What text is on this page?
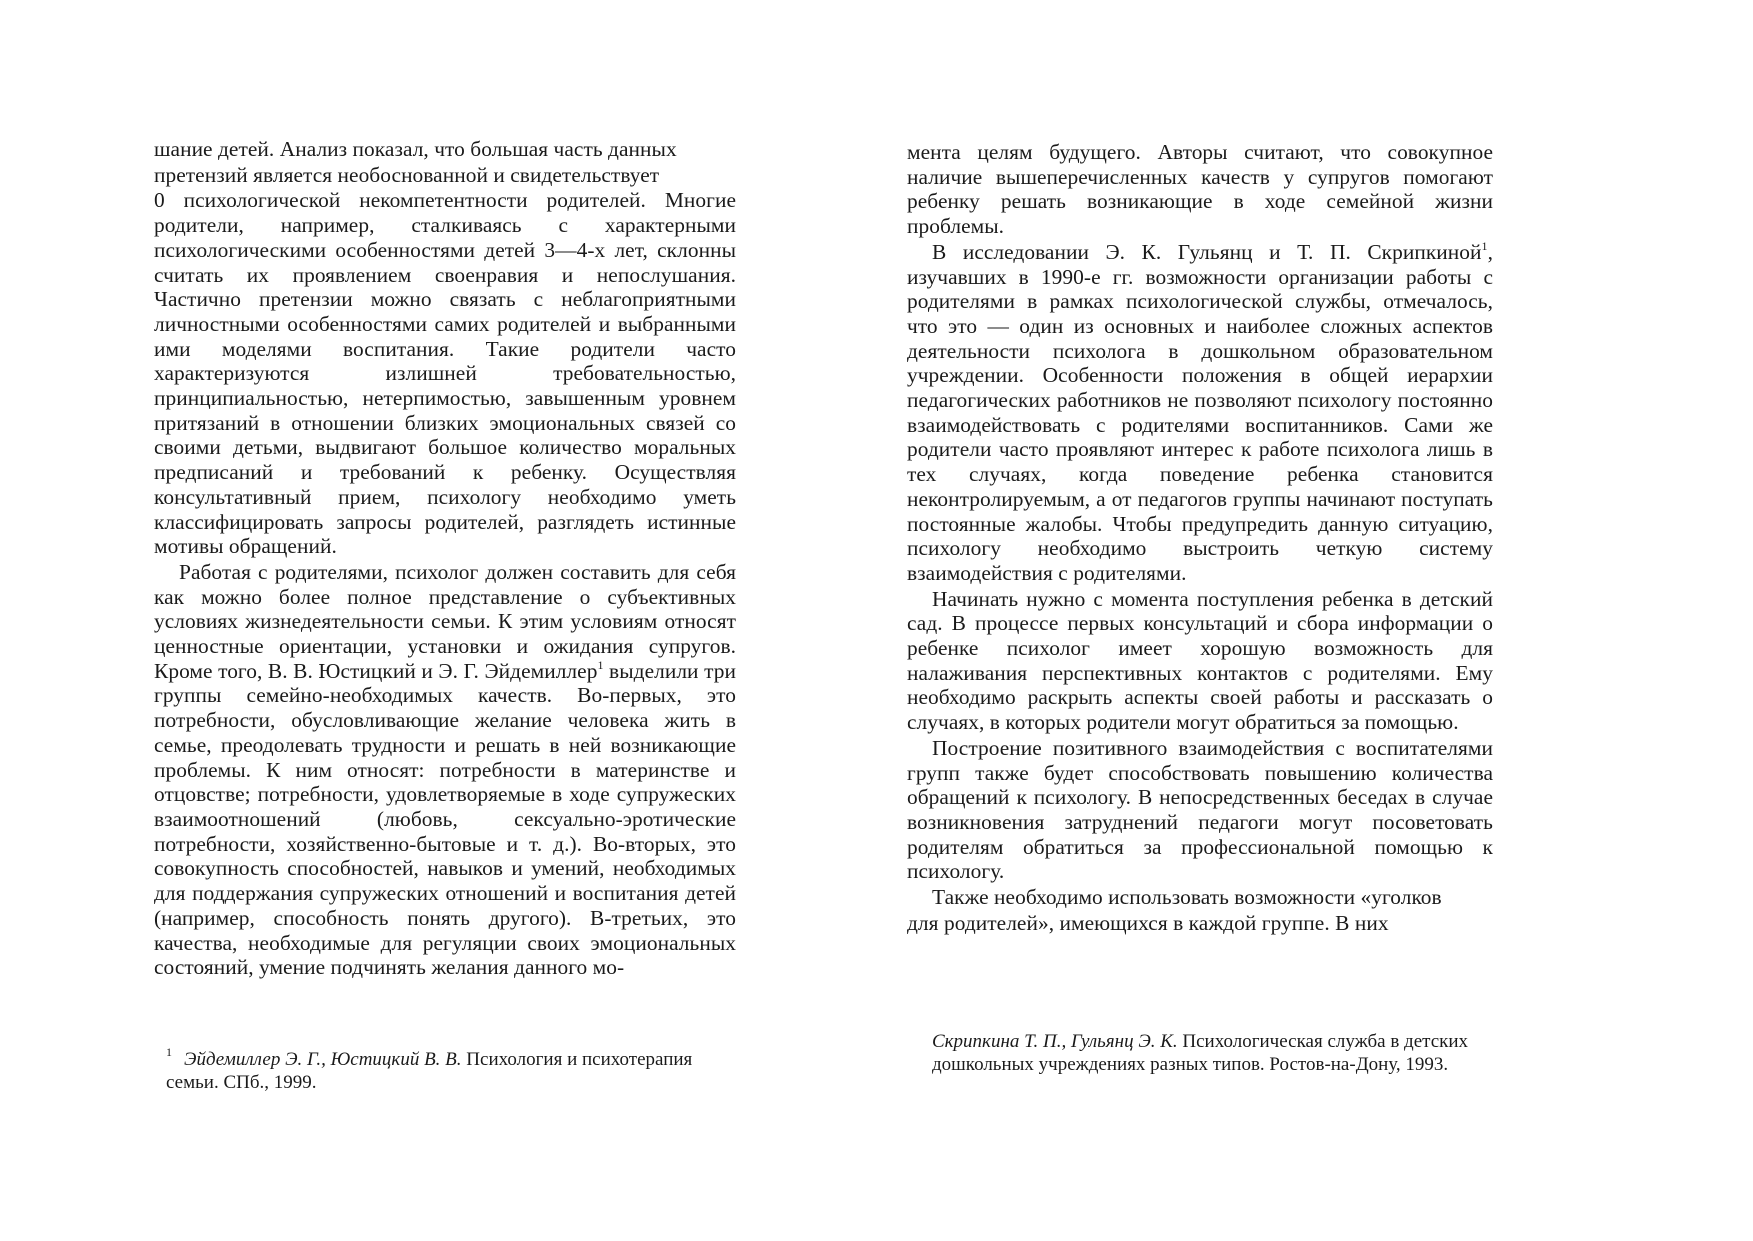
шание детей. Анализ показал, что большая часть данных

претензий является необоснованной и свидетельствует

0 психологической некомпетентности родителей. Многие родители, например, сталкиваясь с характерными психологическими особенностями детей 3—4-х лет, склонны считать их проявлением своенравия и непослушания. Частично претензии можно связать с неблагоприятными личностными особенностями самих родителей и выбранными ими моделями воспитания. Такие родители часто характеризуются излишней требовательностью, принципиальностью, нетерпимостью, завышенным уровнем притязаний в отношении близких эмоциональных связей со своими детьми, выдвигают большое количество моральных предписаний и требований к ребенку. Осуществляя консультативный прием, психологу необходимо уметь классифицировать запросы родителей, разглядеть истинные мотивы обращений.

Работая с родителями, психолог должен составить для себя как можно более полное представление о субъективных условиях жизнедеятельности семьи. К этим условиям относят ценностные ориентации, установки и ожидания супругов. Кроме того, В. В. Юстицкий и Э. Г. Эйдемиллер$^1$ выделили три группы семейно-необходимых качеств. Во-первых, это потребности, обусловливающие желание человека жить в семье, преодолевать трудности и решать в ней возникающие проблемы. К ним относят: потребности в материнстве и отцовстве; потребности, удовлетворяемые в ходе супружеских взаимоотношений (любовь, сексуально-эротические потребности, хозяйственно-бытовые и т. д.). Во-вторых, это совокупность способностей, навыков и умений, необходимых для поддержания супружеских отношений и воспитания детей (например, способность понять другого). В-третьих, это качества, необходимые для регуляции своих эмоциональных состояний, умение подчинять желания данного мо-

$^1$ Эйдемиллер Э. Г., Юстицкий В. В. Психология и психотерапия семьи. СПб., 1999.

мента целям будущего. Авторы считают, что совокупное наличие вышеперечисленных качеств у супругов помогают ребенку решать возникающие в ходе семейной жизни проблемы.

В исследовании Э. К. Гульянц и Т. П. Скрипкиной$^1$, изучавших в 1990-е гг. возможности организации работы с родителями в рамках психологической службы, отмечалось, что это — один из основных и наиболее сложных аспектов деятельности психолога в дошкольном образовательном учреждении. Особенности положения в общей иерархии педагогических работников не позволяют психологу постоянно взаимодействовать с родителями воспитанников. Сами же родители часто проявляют интерес к работе психолога лишь в тех случаях, когда поведение ребенка становится неконтролируемым, а от педагогов группы начинают поступать постоянные жалобы. Чтобы предупредить данную ситуацию, психологу необходимо выстроить четкую систему взаимодействия с родителями.

Начинать нужно с момента поступления ребенка в детский сад. В процессе первых консультаций и сбора информации о ребенке психолог имеет хорошую возможность для налаживания перспективных контактов с родителями. Ему необходимо раскрыть аспекты своей работы и рассказать о случаях, в которых родители могут обратиться за помощью.

Построение позитивного взаимодействия с воспитателями групп также будет способствовать повышению количества обращений к психологу. В непосредственных беседах в случае возникновения затруднений педагоги могут посоветовать родителям обратиться за профессиональной помощью к психологу.

Также необходимо использовать возможности «уголков

для родителей», имеющихся в каждой группе. В них

Скрипкина Т. П., Гульянц Э. К. Психологическая служба в детских дошкольных учреждениях разных типов. Ростов-на-Дону, 1993.
